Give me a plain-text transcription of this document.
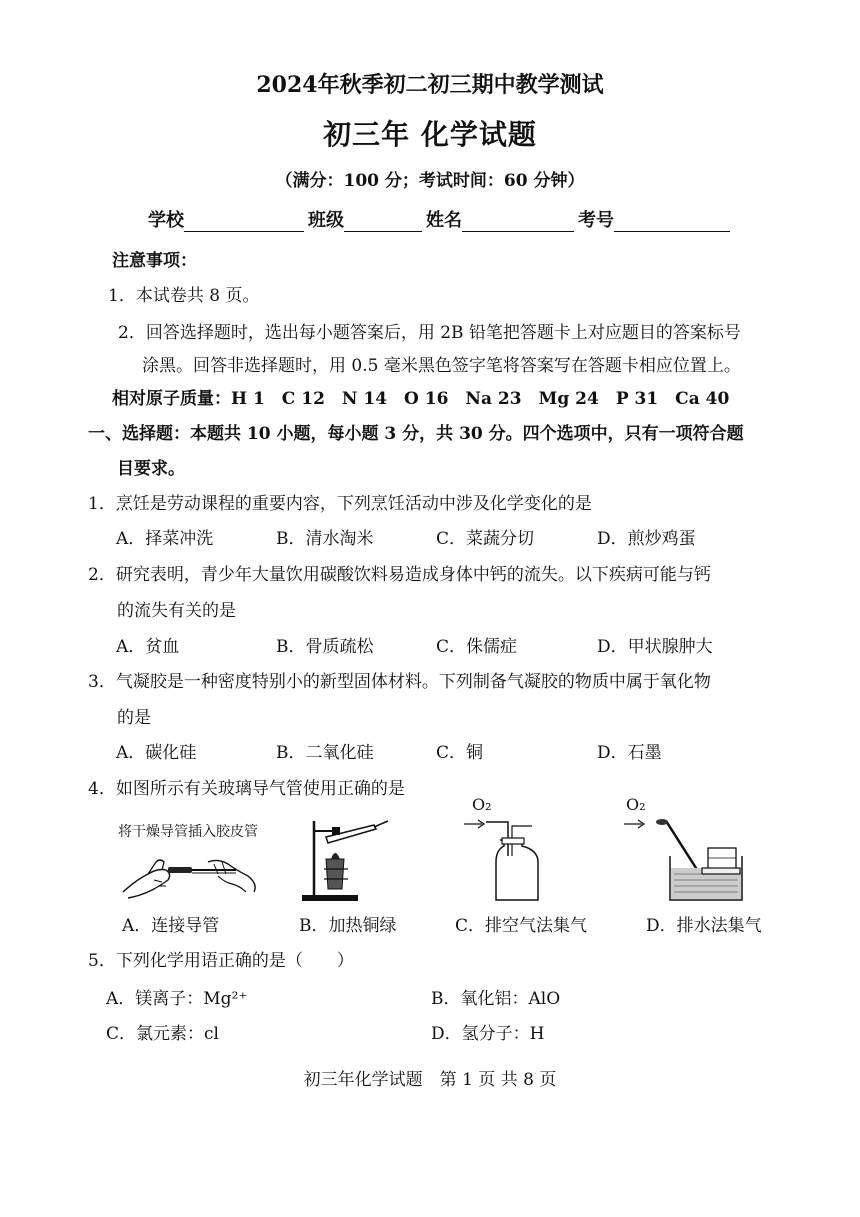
2024年秋季初二初三期中教学测试
初三年 化学试题
（满分：100 分；考试时间：60 分钟）
学校	班级	姓名	考号
注意事项：
1．本试卷共 8 页。
2．回答选择题时，选出每小题答案后，用 2B 铅笔把答题卡上对应题目的答案标号
涂黑。回答非选择题时，用 0.5 毫米黑色签字笔将答案写在答题卡相应位置上。
相对原子质量：H 1　C 12　N 14　O 16　Na 23　Mg 24　P 31　Ca 40
一、选择题：本题共 10 小题，每小题 3 分，共 30 分。四个选项中，只有一项符合题
目要求。
1．烹饪是劳动课程的重要内容，下列烹饪活动中涉及化学变化的是
A．择菜冲洗	B．清水淘米	C．菜蔬分切	D．煎炒鸡蛋
2．研究表明，青少年大量饮用碳酸饮料易造成身体中钙的流失。以下疾病可能与钙
的流失有关的是
A．贫血	B．骨质疏松	C．侏儒症	D．甲状腺肿大
3．气凝胶是一种密度特别小的新型固体材料。下列制备气凝胶的物质中属于氧化物
的是
A．碳化硅	B．二氧化硅	C．铜	D．石墨
4．如图所示有关玻璃导气管使用正确的是
将干燥导管插入胶皮管
O₂	O₂
A．连接导管	B．加热铜绿	C．排空气法集气	D．排水法集气
5．下列化学用语正确的是（　　）
A．镁离子：Mg²⁺	B．氧化铝：AlO
C．氯元素：cl	D．氢分子：H
初三年化学试题　第 1 页 共 8 页
